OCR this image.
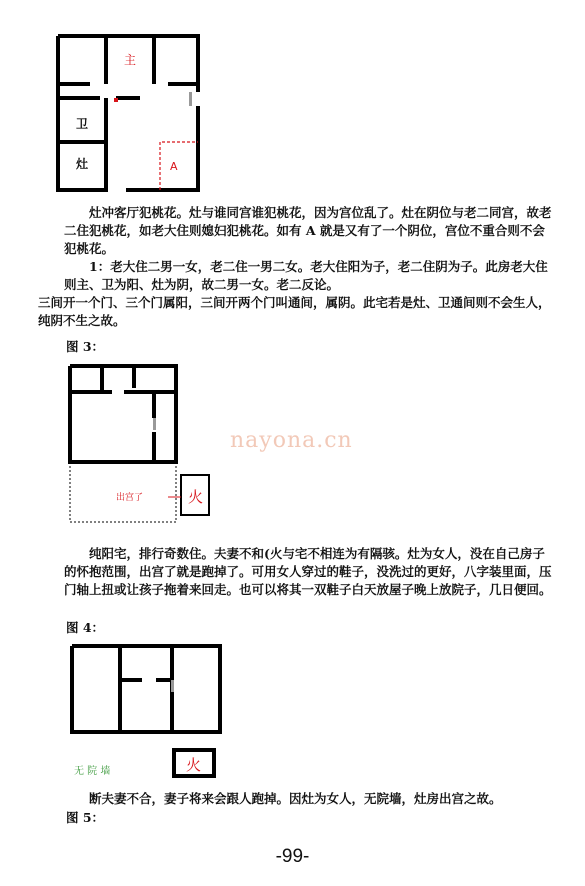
主
卫
灶	A

灶冲客厅犯桃花。灶与谁同宫谁犯桃花，因为宫位乱了。灶在阴位与老二同宫，故老二住犯桃花，如老大住则媳妇犯桃花。如有 A 就是又有了一个阴位，宫位不重合则不会犯桃花。

1：老大住二男一女，老二住一男二女。老大住阳为子，老二住阴为子。此房老大住则主、卫为阳、灶为阴，故二男一女。老二反论。

三间开一个门、三个门属阳，三间开两个门叫通间，属阴。此宅若是灶、卫通间则不会生人，纯阴不生之故。

图 3：
火
出宫了
nayona.cn

纯阳宅，排行奇数住。夫妻不和(火与宅不相连为有隔骇。灶为女人，没在自己房子的怀抱范围，出宫了就是跑掉了。可用女人穿过的鞋子，没洗过的更好，八字装里面，压门轴上扭或让孩子拖着来回走。也可以将其一双鞋子白天放屋子晚上放院子，几日便回。

图 4：
火
无 院 墙

断夫妻不合，妻子将来会跟人跑掉。因灶为女人，无院墙，灶房出宫之故。

图 5：
-99-
